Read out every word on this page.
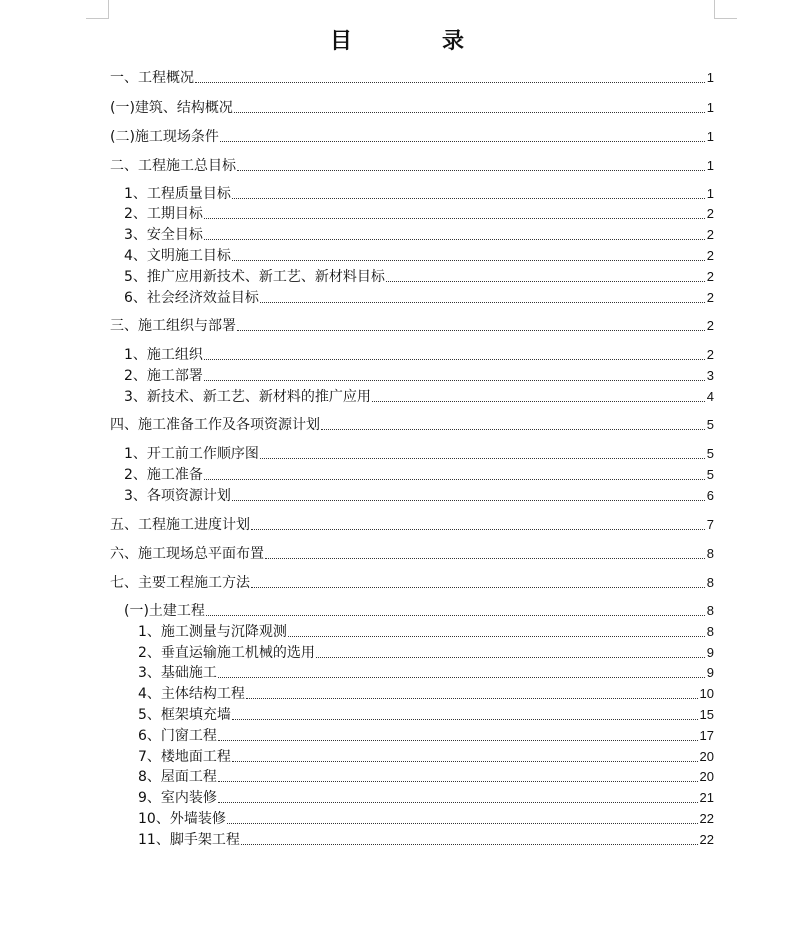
目	录
一、工程概况	1
(一)建筑、结构概况	1
(二)施工现场条件	1
二、工程施工总目标	1
1、工程质量目标	1
2、工期目标	2
3、安全目标	2
4、文明施工目标	2
5、推广应用新技术、新工艺、新材料目标	2
6、社会经济效益目标	2
三、施工组织与部署	2
1、施工组织	2
2、施工部署	3
3、新技术、新工艺、新材料的推广应用	4
四、施工准备工作及各项资源计划	5
1、开工前工作顺序图	5
2、施工准备	5
3、各项资源计划	6
五、工程施工进度计划	7
六、施工现场总平面布置	8
七、主要工程施工方法	8
(一)土建工程	8
1、施工测量与沉降观测	8
2、垂直运输施工机械的选用	9
3、基础施工	9
4、主体结构工程	10
5、框架填充墙	15
6、门窗工程	17
7、楼地面工程	20
8、屋面工程	20
9、室内装修	21
10、外墙装修	22
11、脚手架工程	22
